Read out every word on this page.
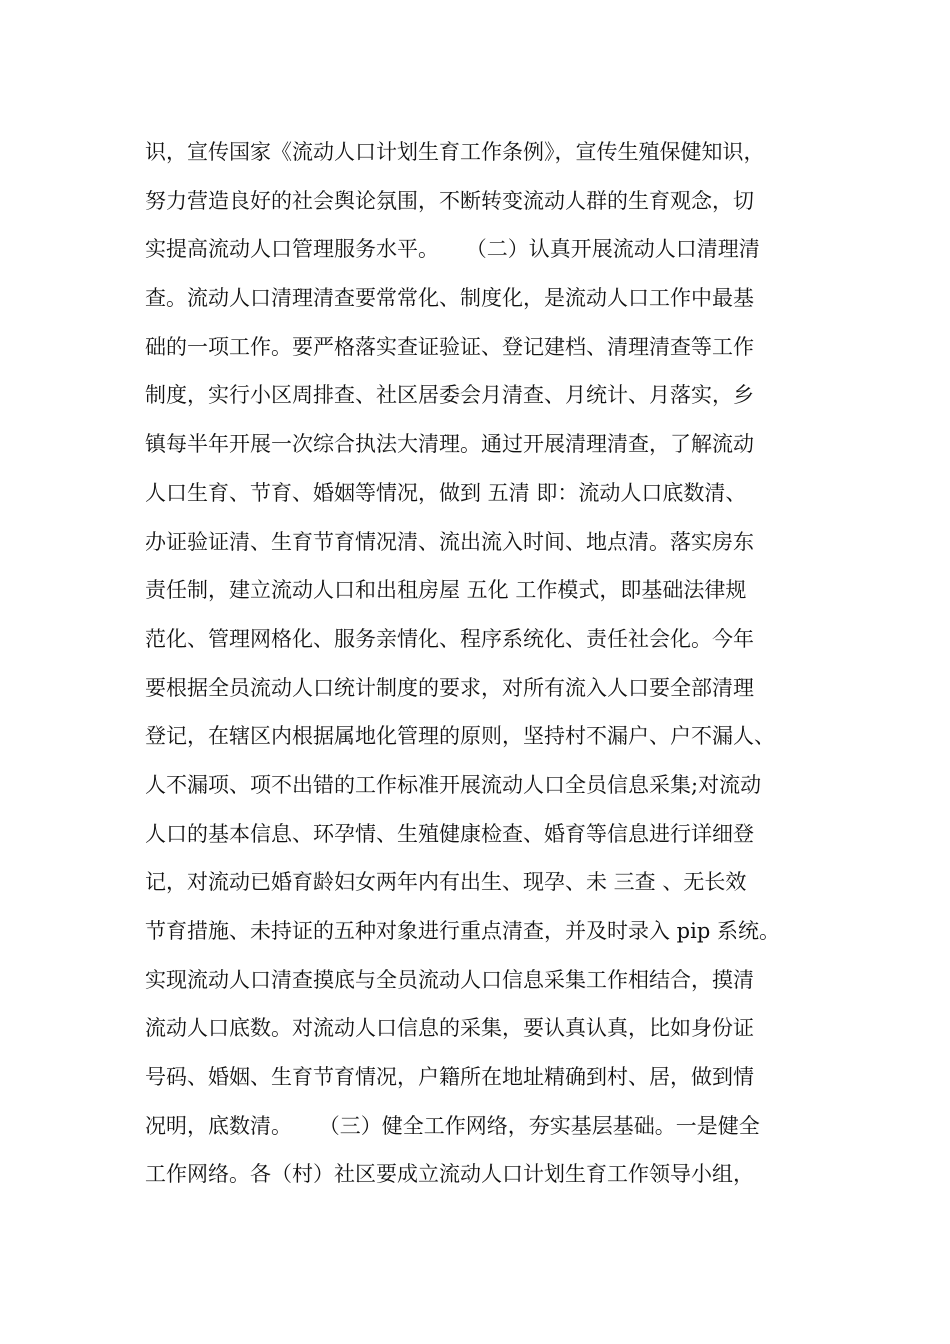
识，宣传国家《流动人口计划生育工作条例》，宣传生殖保健知识，
努力营造良好的社会舆论氛围，不断转变流动人群的生育观念，切
实提高流动人口管理服务水平。    （二）认真开展流动人口清理清
查。流动人口清理清查要常常化、制度化，是流动人口工作中最基
础的一项工作。要严格落实查证验证、登记建档、清理清查等工作
制度，实行小区周排查、社区居委会月清查、月统计、月落实，乡
镇每半年开展一次综合执法大清理。通过开展清理清查，了解流动
人口生育、节育、婚姻等情况，做到 五清 即：流动人口底数清、
办证验证清、生育节育情况清、流出流入时间、地点清。落实房东
责任制，建立流动人口和出租房屋 五化 工作模式，即基础法律规
范化、管理网格化、服务亲情化、程序系统化、责任社会化。今年
要根据全员流动人口统计制度的要求，对所有流入人口要全部清理
登记，在辖区内根据属地化管理的原则，坚持村不漏户、户不漏人、
人不漏项、项不出错的工作标准开展流动人口全员信息采集;对流动
人口的基本信息、环孕情、生殖健康检查、婚育等信息进行详细登
记，对流动已婚育龄妇女两年内有出生、现孕、未 三查 、无长效
节育措施、未持证的五种对象进行重点清查，并及时录入 pip 系统。
实现流动人口清查摸底与全员流动人口信息采集工作相结合，摸清
流动人口底数。对流动人口信息的采集，要认真认真，比如身份证
号码、婚姻、生育节育情况，户籍所在地址精确到村、居，做到情
况明，底数清。    （三）健全工作网络，夯实基层基础。一是健全
工作网络。各（村）社区要成立流动人口计划生育工作领导小组，
